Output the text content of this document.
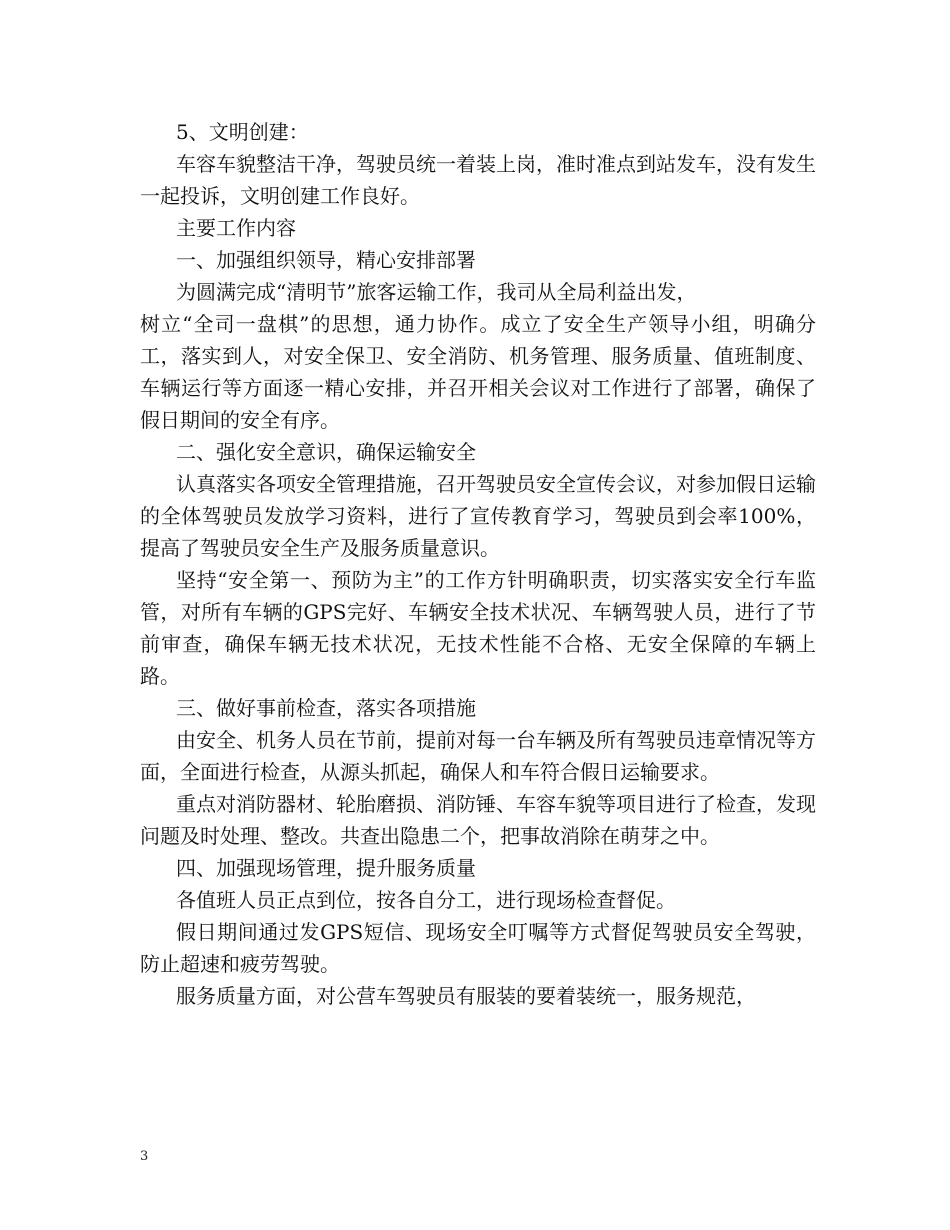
5、文明创建：

车容车貌整洁干净，驾驶员统一着装上岗，准时准点到站发车，没有发生一起投诉，文明创建工作良好。

主要工作内容

一、加强组织领导，精心安排部署

为圆满完成“清明节”旅客运输工作，我司从全局利益出发，

树立“全司一盘棋”的思想，通力协作。成立了安全生产领导小组，明确分工，落实到人，对安全保卫、安全消防、机务管理、服务质量、值班制度、车辆运行等方面逐一精心安排，并召开相关会议对工作进行了部署，确保了假日期间的安全有序。

二、强化安全意识，确保运输安全

认真落实各项安全管理措施，召开驾驶员安全宣传会议，对参加假日运输的全体驾驶员发放学习资料，进行了宣传教育学习，驾驶员到会率100%，提高了驾驶员安全生产及服务质量意识。

坚持“安全第一、预防为主”的工作方针明确职责，切实落实安全行车监管，对所有车辆的GPS完好、车辆安全技术状况、车辆驾驶人员，进行了节前审查，确保车辆无技术状况，无技术性能不合格、无安全保障的车辆上路。

三、做好事前检查，落实各项措施

由安全、机务人员在节前，提前对每一台车辆及所有驾驶员违章情况等方面，全面进行检查，从源头抓起，确保人和车符合假日运输要求。

重点对消防器材、轮胎磨损、消防锤、车容车貌等项目进行了检查，发现问题及时处理、整改。共查出隐患二个，把事故消除在萌芽之中。

四、加强现场管理，提升服务质量

各值班人员正点到位，按各自分工，进行现场检查督促。

假日期间通过发GPS短信、现场安全叮嘱等方式督促驾驶员安全驾驶，防止超速和疲劳驾驶。

服务质量方面，对公营车驾驶员有服装的要着装统一，服务规范，

3
